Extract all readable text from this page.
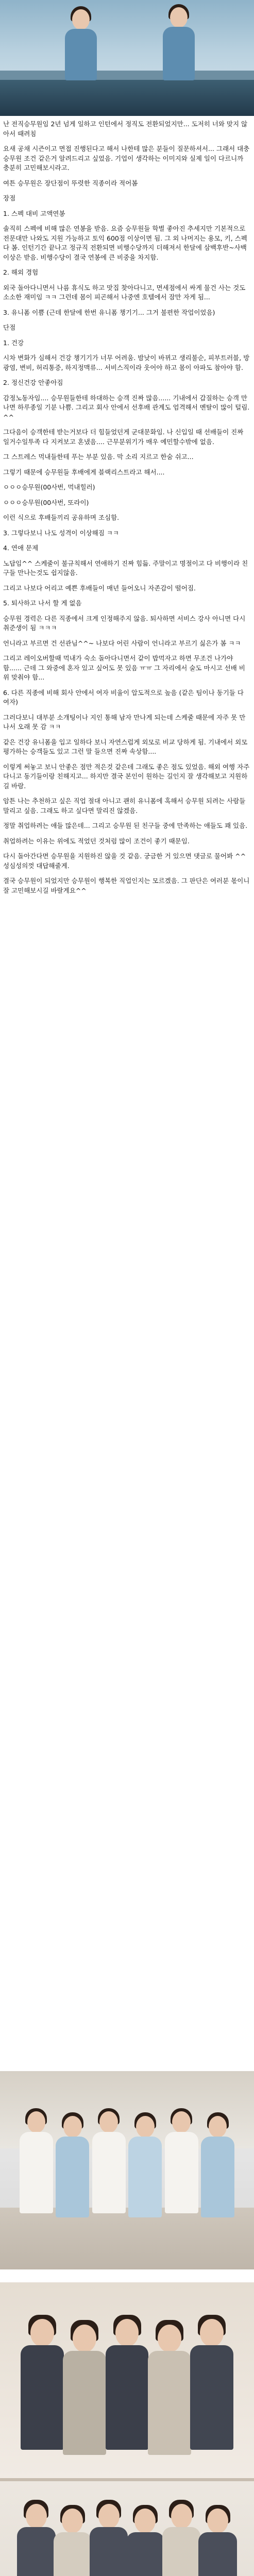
난 전직승무원임 2년 넘게 일하고 인턴에서 정직도 전환되었지만... 도저히 너와 맞지 않아서 때려침

요새 공채 시즌이고 면접 진행된다고 해서 나한테 많은 분들이 질문하셔서... 그래서 대충 승무원 조건 같은거 알려드리고 싶었음. 기업이 생각하는 이미지와 실제 일이 다르니까 충분히 고민해보시라고.

여튼 승무원은 장단점이 뚜렷한 직종이라 적어봄

장점

1. 스펙 대비 고액연봉

솔직히 스펙에 비해 많은 연봉을 받음. 요즘 승무원들 학벌 좋아진 추세지만 기본적으로 전문대만 나와도 지원 가능하고 토익 600점 이상이면 됨. 그 외 나머지는 용모, 키, 스펙 다 봄. 인턴기간 끝나고 정규직 전환되면 비행수당까지 더해져서 한달에 삼백후반~사백 이상은 받음. 비행수당이 결국 연봉에 큰 비중을 차지함.

2. 해외 경험

외국 돌아다니면서 나름 휴식도 하고 맛집 찾아다니고, 면세점에서 싸게 물건 사는 것도 소소한 재미임 ㅋㅋ 그런데 몸이 피곤해서 나중엔 호텔에서 잠만 자게 됨...

3. 유니폼 이쁨 (근데 한달에 한번 유니폼 챙기기... 그거 불편한 작업이었음)

단점

1. 건강

시차 변화가 심해서 건강 챙기기가 너무 어려움. 밤낮이 바뀌고 생리불순, 피부트러블, 방광염, 변비, 허리통증, 하지정맥류... 서비스직이라 웃어야 하고 몸이 아파도 참아야 함.

2. 정신건강 안좋아짐

감정노동자임.... 승무원들한테 하대하는 승객 진짜 많음...... 기내에서 갑질하는 승객 만나면 하루종일 기분 나쁨. 그리고 회사 안에서 선후배 관계도 엄격해서 멘탈이 많이 털림.^^

그다음이 승객한테 받는거보다 더 힘들었던게 군대문화임. 나 신입일 때 선배들이 진짜 일거수일투족 다 지켜보고 혼냈음.... 근무분위기가 매우 예민할수밖에 없음.

그 스트레스 먹내들한테 푸는 부분 있음. 막 소리 지르고 한숨 쉬고...

그렇기 때문에 승무원들 후배에게 블랙리스트라고 해서....

ㅇㅇㅇ승무원(00사번, 먹내힐러)

ㅇㅇㅇ승무원(00사번, 또라이)

이런 식으로 후배들끼리 공유하며 조심함.

3. 그렇다보니 나도 성격이 이상해짐 ㅋㅋ

4. 연애 문제

노답임^^ 스케줄이 불규칙해서 연애하기 진짜 힘듦. 주말이고 명절이고 다 비행이라 친구들 만나는것도 쉽지않음.

그리고 나보다 어리고 예쁜 후배들이 매년 들어오니 자존감이 떨어짐.

5. 퇴사하고 나서 할 게 없음

승무원 경력은 다른 직종에서 크게 인정해주지 않음. 퇴사하면 서비스 강사 아니면 다시 취준생이 됨 ㅋㅋㅋ

언니라고 부르면 건 선관님^^~ 나보다 어린 사람이 언니라고 부르기 싫은가 봄 ㅋㅋ

그리고 레이오버할때 먹내가 숙소 돌아다니면서 같이 밥먹자고 하면 무조건 나가야함...... 근데 그 와중에 혼자 있고 싶어도 못 있음 ㅠㅠ 그 자리에서 술도 마시고 선배 비위 맞춰야 함...

6. 다른 직종에 비해 회사 안에서 여자 비율이 압도적으로 높음 (같은 팀이나 동기들 다 여자)

그러다보니 대부분 소개팅이나 지인 통해 남자 만나게 되는데 스케줄 때문에 자주 못 만나서 오래 못 감 ㅋㅋ

같은 건강 유니폼을 입고 일하다 보니 자연스럽게 외모로 비교 당하게 됨. 기내에서 외모 평가하는 승객들도 있고 그런 말 들으면 진짜 속상함....

이렇게 써놓고 보니 안좋은 점만 적은것 같은데 그래도 좋은 점도 있었음. 해외 여행 자주 다니고 동기들이랑 친해지고... 하지만 결국 본인이 원하는 길인지 잘 생각해보고 지원하길 바람.

암튼 나는 추천하고 싶은 직업 절대 아니고 괜히 유니폼에 혹해서 승무원 되려는 사람들 말리고 싶음. 그래도 하고 싶다면 말리진 않겠음.

정말 취업하려는 애들 많은데... 그리고 승무원 된 친구들 중에 만족하는 애들도 꽤 있음.

취업하려는 이유는 위에도 적었던 것처럼 많이 조건이 좋기 때문임.

다시 돌아간다면 승무원을 지원하진 않을 것 같음. 궁금한 거 있으면 댓글로 물어봐 ^^ 성심성의껏 대답해줄게.

결국 승무원이 되었지만 승무원이 행복한 직업인지는 모르겠음. 그 판단은 여러분 몫이니 잘 고민해보시길 바랄게요^^
